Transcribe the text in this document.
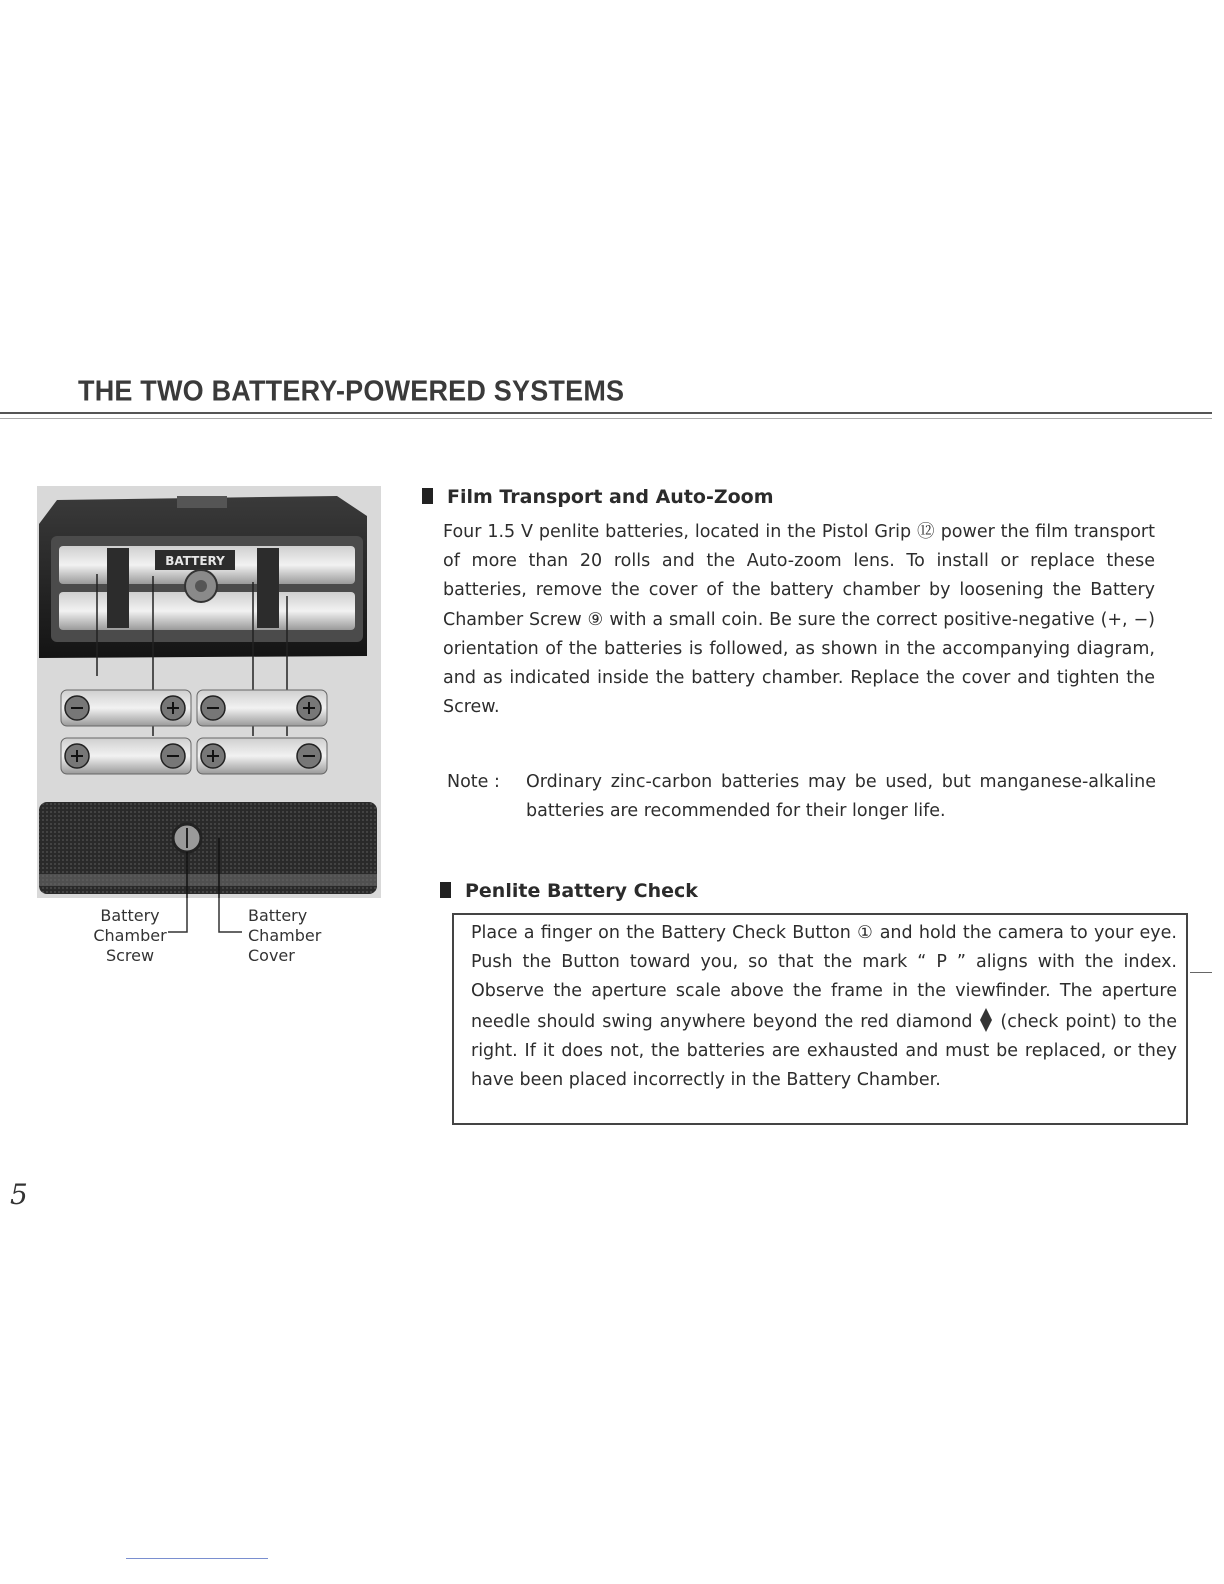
THE TWO BATTERY-POWERED SYSTEMS
BATTERY
Battery
Chamber
Screw
Battery
Chamber
Cover
Film Transport and Auto-Zoom
Four 1.5 V penlite batteries, located in the Pistol Grip ⑫ power the film transport of more than 20 rolls and the Auto-zoom lens. To install or replace these batteries, remove the cover of the battery chamber by loosening the Battery Chamber Screw ⑨ with a small coin. Be sure the correct positive-negative (+, −) orientation of the batteries is followed, as shown in the accompanying diagram, and as indicated inside the battery chamber. Replace the cover and tighten the Screw.
Note : Ordinary zinc-carbon batteries may be used, but manganese-alkaline batteries are recommended for their longer life.
Penlite Battery Check
Place a finger on the Battery Check Button ① and hold the camera to your eye. Push the Button toward you, so that the mark “ P ” aligns with the index. Observe the aperture scale above the frame in the viewfinder. The aperture needle should swing anywhere beyond the red diamond  (check point) to the right. If it does not, the batteries are exhausted and must be replaced, or they have been placed incorrectly in the Battery Chamber.
5
